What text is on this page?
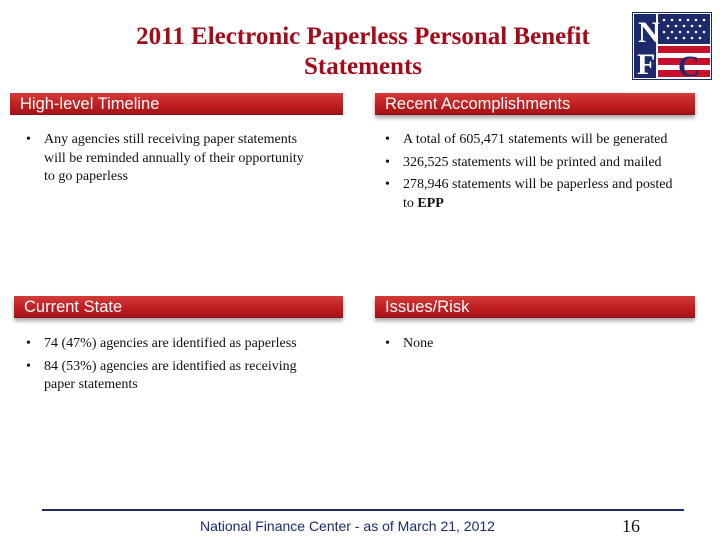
2011 Electronic Paperless Personal Benefit Statements
N
F C
High-level Timeline
• Any agencies still receiving paper statements will be reminded annually of their opportunity to go paperless
Recent Accomplishments
• A total of 605,471 statements will be generated
• 326,525 statements will be printed and mailed
• 278,946 statements will be paperless and posted to EPP
Current State
• 74 (47%) agencies are identified as paperless
• 84 (53%) agencies are identified as receiving paper statements
Issues/Risk
• None
National Finance Center - as of March 21, 2012	16
